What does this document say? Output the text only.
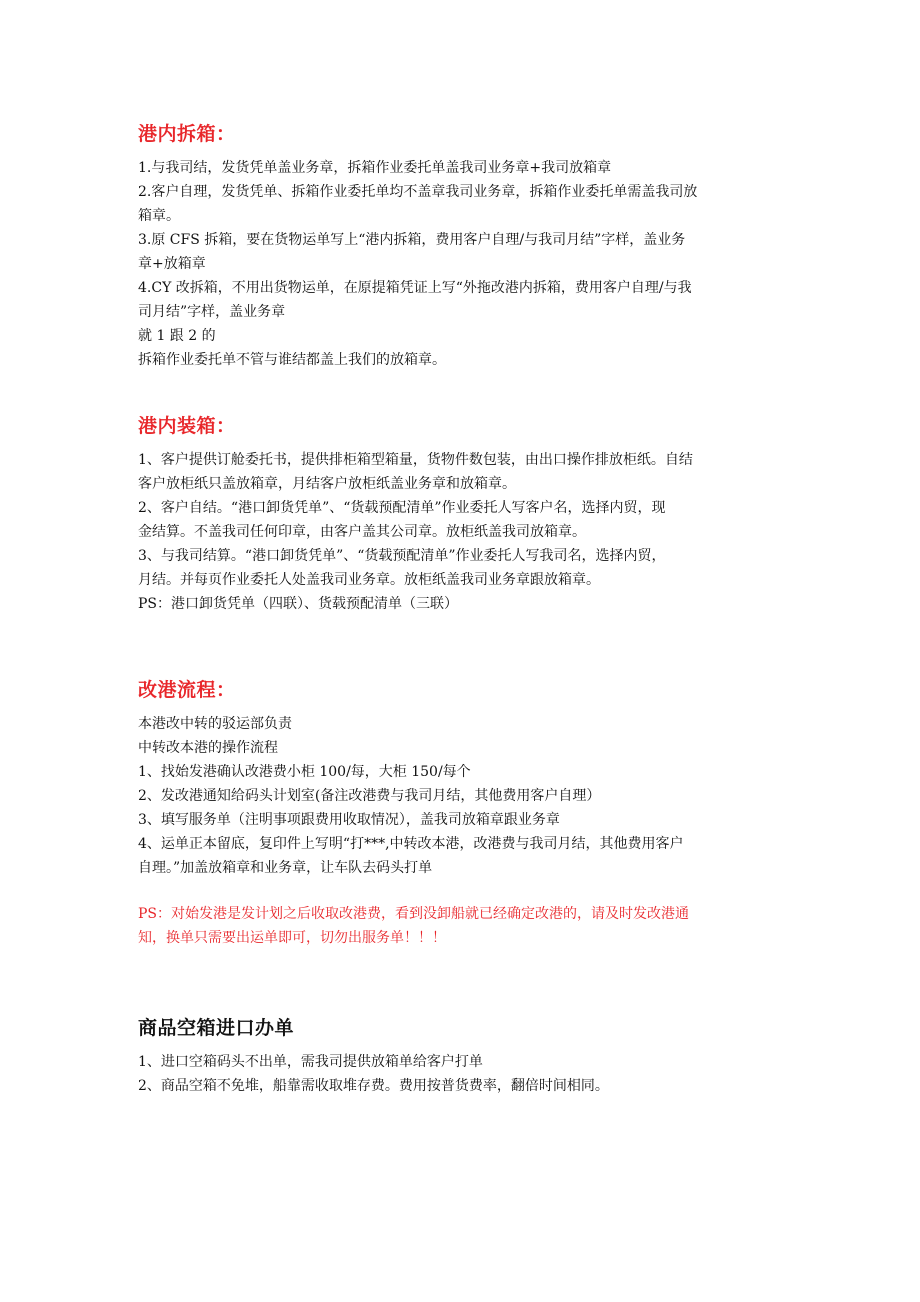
港内拆箱：

1.与我司结，发货凭单盖业务章，拆箱作业委托单盖我司业务章+我司放箱章

2.客户自理，发货凭单、拆箱作业委托单均不盖章我司业务章，拆箱作业委托单需盖我司放

箱章。

3.原 CFS 拆箱，要在货物运单写上“港内拆箱，费用客户自理/与我司月结”字样，盖业务

章+放箱章

4.CY 改拆箱，不用出货物运单，在原提箱凭证上写“外拖改港内拆箱，费用客户自理/与我

司月结”字样，盖业务章

就 1 跟 2 的

拆箱作业委托单不管与谁结都盖上我们的放箱章。

港内装箱：

1、客户提供订舱委托书，提供排柜箱型箱量，货物件数包装，由出口操作排放柜纸。自结

客户放柜纸只盖放箱章，月结客户放柜纸盖业务章和放箱章。

2、客户自结。“港口卸货凭单”、“货载预配清单”作业委托人写客户名，选择内贸，现

金结算。不盖我司任何印章，由客户盖其公司章。放柜纸盖我司放箱章。

3、与我司结算。“港口卸货凭单”、“货载预配清单”作业委托人写我司名，选择内贸，

月结。并每页作业委托人处盖我司业务章。放柜纸盖我司业务章跟放箱章。

PS：港口卸货凭单（四联）、货载预配清单（三联）

改港流程：

本港改中转的驳运部负责

中转改本港的操作流程

1、找始发港确认改港费小柜 100/每，大柜 150/每个

2、发改港通知给码头计划室(备注改港费与我司月结，其他费用客户自理）

3、填写服务单（注明事项跟费用收取情况），盖我司放箱章跟业务章

4、运单正本留底，复印件上写明“打***,中转改本港，改港费与我司月结，其他费用客户

自理。”加盖放箱章和业务章，让车队去码头打单

PS：对始发港是发计划之后收取改港费，看到没卸船就已经确定改港的，请及时发改港通

知，换单只需要出运单即可，切勿出服务单！！！

商品空箱进口办单

1、进口空箱码头不出单，需我司提供放箱单给客户打单

2、商品空箱不免堆，船靠需收取堆存费。费用按普货费率，翻倍时间相同。
